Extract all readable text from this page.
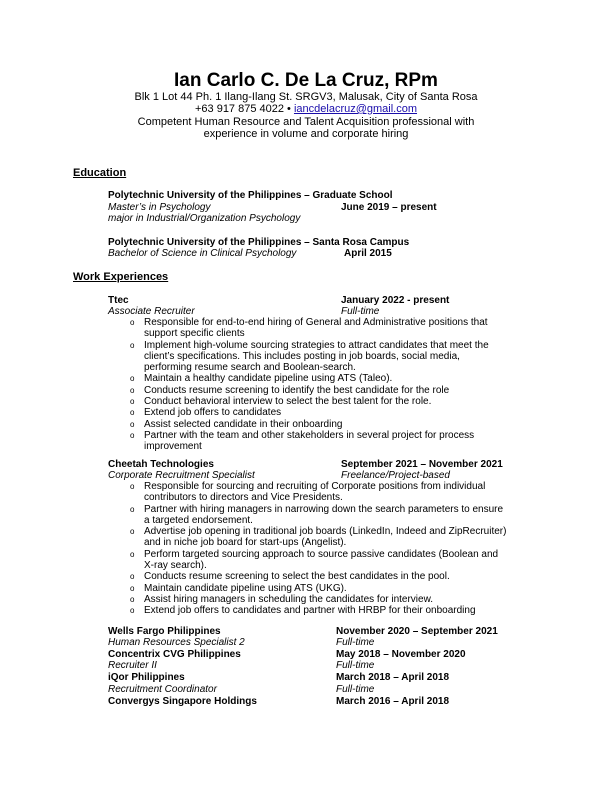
Ian Carlo C. De La Cruz, RPm
Blk 1 Lot 44 Ph. 1 Ilang-Ilang St. SRGV3, Malusak, City of Santa Rosa
+63 917 875 4022 • iancdelacruz@gmail.com
Competent Human Resource and Talent Acquisition professional with
experience in volume and corporate hiring
Education
Polytechnic University of the Philippines – Graduate School
Master’s in Psychology	June 2019 – present
major in Industrial/Organization Psychology
Polytechnic University of the Philippines – Santa Rosa Campus
Bachelor of Science in Clinical Psychology	April 2015
Work Experiences
Ttec	January 2022 - present
Associate Recruiter	Full-time
o Responsible for end-to-end hiring of General and Administrative positions that support specific clients
o Implement high-volume sourcing strategies to attract candidates that meet the client’s specifications. This includes posting in job boards, social media, performing resume search and Boolean-search.
o Maintain a healthy candidate pipeline using ATS (Taleo).
o Conducts resume screening to identify the best candidate for the role
o Conduct behavioral interview to select the best talent for the role.
o Extend job offers to candidates
o Assist selected candidate in their onboarding
o Partner with the team and other stakeholders in several project for process improvement
Cheetah Technologies	September 2021 – November 2021
Corporate Recruitment Specialist	Freelance/Project-based
o Responsible for sourcing and recruiting of Corporate positions from individual contributors to directors and Vice Presidents.
o Partner with hiring managers in narrowing down the search parameters to ensure a targeted endorsement.
o Advertise job opening in traditional job boards (LinkedIn, Indeed and ZipRecruiter) and in niche job board for start-ups (Angelist).
o Perform targeted sourcing approach to source passive candidates (Boolean and X-ray search).
o Conducts resume screening to select the best candidates in the pool.
o Maintain candidate pipeline using ATS (UKG).
o Assist hiring managers in scheduling the candidates for interview.
o Extend job offers to candidates and partner with HRBP for their onboarding
Wells Fargo Philippines	November 2020 – September 2021
Human Resources Specialist 2	Full-time
Concentrix CVG Philippines	May 2018 – November 2020
Recruiter II	Full-time
iQor Philippines	March 2018 – April 2018
Recruitment Coordinator	Full-time
Convergys Singapore Holdings	March 2016 – April 2018
